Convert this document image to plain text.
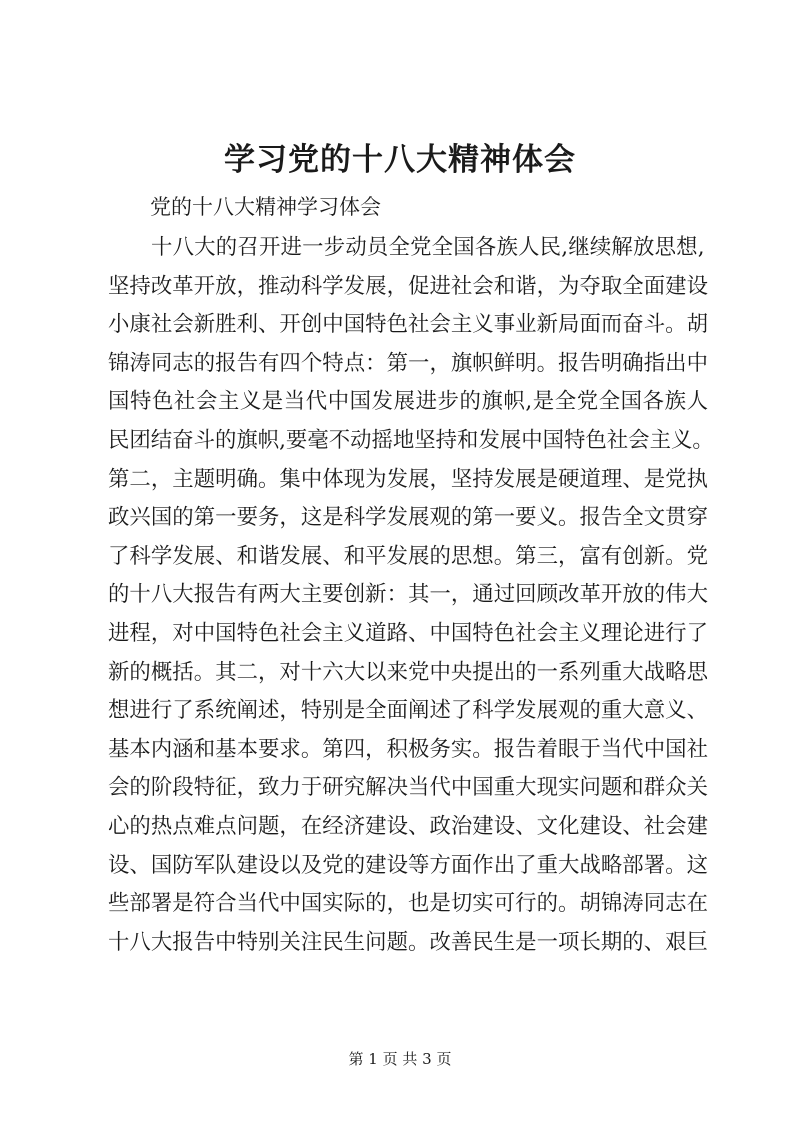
学习党的十八大精神体会
党的十八大精神学习体会
十八大的召开进一步动员全党全国各族人民,继续解放思想,
坚持改革开放，推动科学发展，促进社会和谐，为夺取全面建设
小康社会新胜利、开创中国特色社会主义事业新局面而奋斗。胡
锦涛同志的报告有四个特点：第一，旗帜鲜明。报告明确指出中
国特色社会主义是当代中国发展进步的旗帜,是全党全国各族人
民团结奋斗的旗帜,要毫不动摇地坚持和发展中国特色社会主义。
第二，主题明确。集中体现为发展，坚持发展是硬道理、是党执
政兴国的第一要务，这是科学发展观的第一要义。报告全文贯穿
了科学发展、和谐发展、和平发展的思想。第三，富有创新。党
的十八大报告有两大主要创新：其一，通过回顾改革开放的伟大
进程，对中国特色社会主义道路、中国特色社会主义理论进行了
新的概括。其二，对十六大以来党中央提出的一系列重大战略思
想进行了系统阐述，特别是全面阐述了科学发展观的重大意义、
基本内涵和基本要求。第四，积极务实。报告着眼于当代中国社
会的阶段特征，致力于研究解决当代中国重大现实问题和群众关
心的热点难点问题，在经济建设、政治建设、文化建设、社会建
设、国防军队建设以及党的建设等方面作出了重大战略部署。这
些部署是符合当代中国实际的，也是切实可行的。胡锦涛同志在
十八大报告中特别关注民生问题。改善民生是一项长期的、艰巨
第 1 页 共 3 页
